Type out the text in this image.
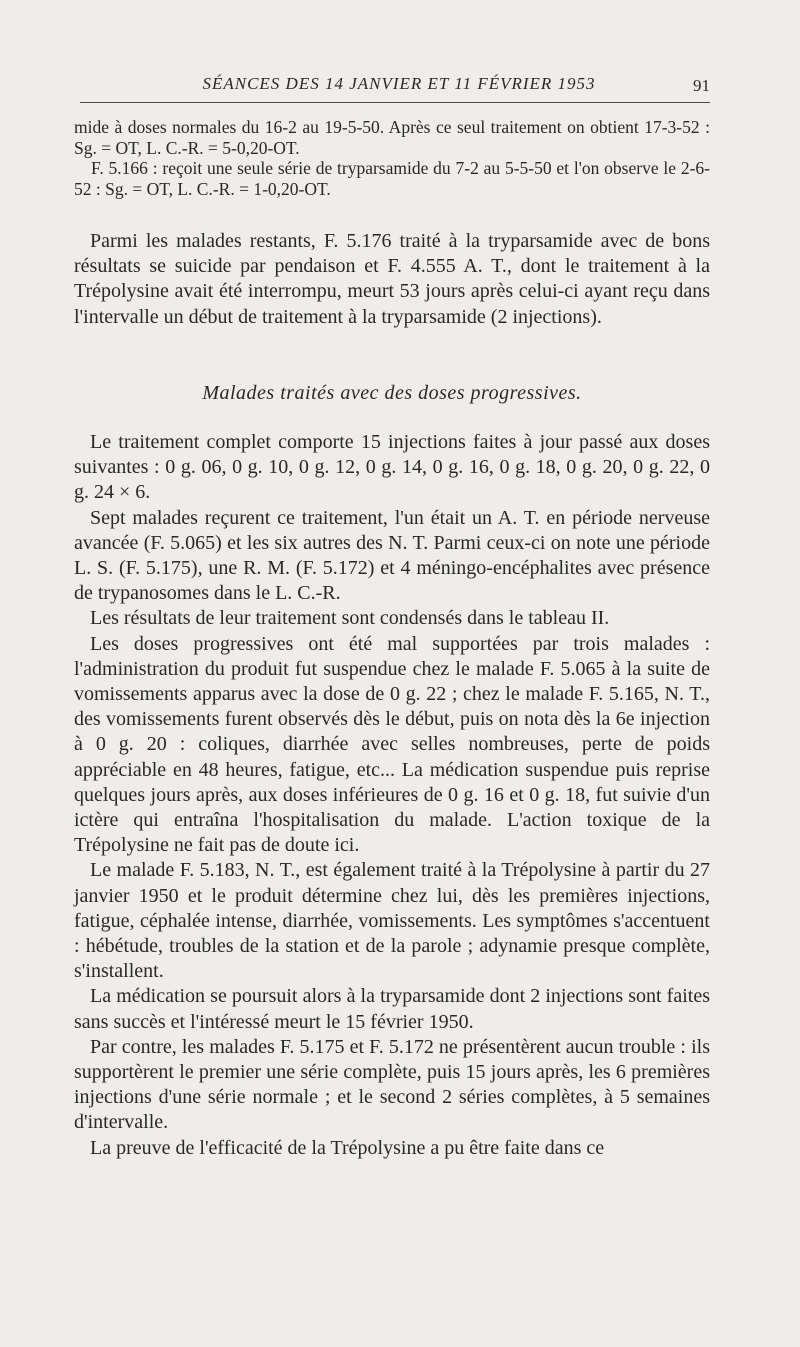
SÉANCES DES 14 JANVIER ET 11 FÉVRIER 1953	91

mide à doses normales du 16-2 au 19-5-50. Après ce seul traitement on obtient 17-3-52 : Sg. = OT, L. C.-R. = 5-0,20-OT.

F. 5.166 : reçoit une seule série de tryparsamide du 7-2 au 5-5-50 et l'on observe le 2-6-52 : Sg. = OT, L. C.-R. = 1-0,20-OT.

Parmi les malades restants, F. 5.176 traité à la tryparsamide avec de bons résultats se suicide par pendaison et F. 4.555 A. T., dont le traitement à la Trépolysine avait été interrompu, meurt 53 jours après celui-ci ayant reçu dans l'intervalle un début de traitement à la tryparsamide (2 injections).

Malades traités avec des doses progressives.

Le traitement complet comporte 15 injections faites à jour passé aux doses suivantes : 0 g. 06, 0 g. 10, 0 g. 12, 0 g. 14, 0 g. 16, 0 g. 18, 0 g. 20, 0 g. 22, 0 g. 24 × 6.

Sept malades reçurent ce traitement, l'un était un A. T. en période nerveuse avancée (F. 5.065) et les six autres des N. T. Parmi ceux-ci on note une période L. S. (F. 5.175), une R. M. (F. 5.172) et 4 méningo-encéphalites avec présence de trypanosomes dans le L. C.-R.

Les résultats de leur traitement sont condensés dans le tableau II.

Les doses progressives ont été mal supportées par trois malades : l'administration du produit fut suspendue chez le malade F. 5.065 à la suite de vomissements apparus avec la dose de 0 g. 22 ; chez le malade F. 5.165, N. T., des vomissements furent observés dès le début, puis on nota dès la 6e injection à 0 g. 20 : coliques, diarrhée avec selles nombreuses, perte de poids appréciable en 48 heures, fatigue, etc... La médication suspendue puis reprise quelques jours après, aux doses inférieures de 0 g. 16 et 0 g. 18, fut suivie d'un ictère qui entraîna l'hospitalisation du malade. L'action toxique de la Trépolysine ne fait pas de doute ici.

Le malade F. 5.183, N. T., est également traité à la Trépolysine à partir du 27 janvier 1950 et le produit détermine chez lui, dès les premières injections, fatigue, céphalée intense, diarrhée, vomissements. Les symptômes s'accentuent : hébétude, troubles de la station et de la parole ; adynamie presque complète, s'installent.

La médication se poursuit alors à la tryparsamide dont 2 injections sont faites sans succès et l'intéressé meurt le 15 février 1950.

Par contre, les malades F. 5.175 et F. 5.172 ne présentèrent aucun trouble : ils supportèrent le premier une série complète, puis 15 jours après, les 6 premières injections d'une série normale ; et le second 2 séries complètes, à 5 semaines d'intervalle.

La preuve de l'efficacité de la Trépolysine a pu être faite dans ce
